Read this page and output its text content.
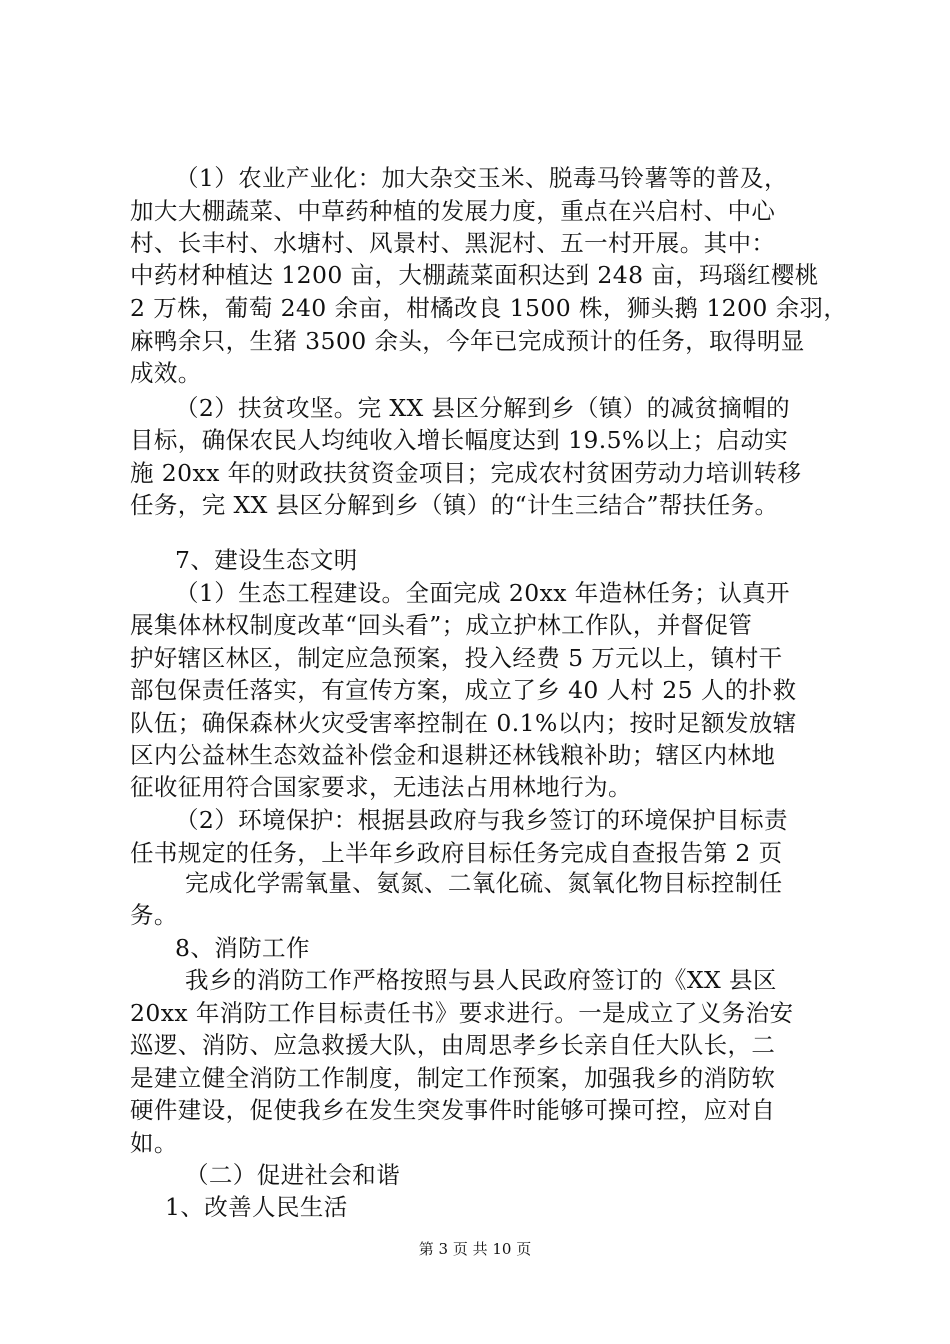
（1）农业产业化：加大杂交玉米、脱毒马铃薯等的普及，
加大大棚蔬菜、中草药种植的发展力度，重点在兴启村、中心
村、长丰村、水塘村、风景村、黑泥村、五一村开展。其中：
中药材种植达 1200 亩，大棚蔬菜面积达到 248 亩，玛瑙红樱桃
2 万株，葡萄 240 余亩，柑橘改良 1500 株，狮头鹅 1200 余羽，
麻鸭余只，生猪 3500 余头，今年已完成预计的任务，取得明显
成效。
（2）扶贫攻坚。完 XX 县区分解到乡（镇）的减贫摘帽的
目标，确保农民人均纯收入增长幅度达到 19.5%以上；启动实
施 20xx 年的财政扶贫资金项目；完成农村贫困劳动力培训转移
任务，完 XX 县区分解到乡（镇）的“计生三结合”帮扶任务。
7、建设生态文明
（1）生态工程建设。全面完成 20xx 年造林任务；认真开
展集体林权制度改革“回头看”；成立护林工作队，并督促管
护好辖区林区，制定应急预案，投入经费 5 万元以上，镇村干
部包保责任落实，有宣传方案，成立了乡 40 人村 25 人的扑救
队伍；确保森林火灾受害率控制在 0.1%以内；按时足额发放辖
区内公益林生态效益补偿金和退耕还林钱粮补助；辖区内林地
征收征用符合国家要求，无违法占用林地行为。
（2）环境保护：根据县政府与我乡签订的环境保护目标责
任书规定的任务，上半年乡政府目标任务完成自查报告第 2 页
完成化学需氧量、氨氮、二氧化硫、氮氧化物目标控制任
务。
8、消防工作
我乡的消防工作严格按照与县人民政府签订的《XX 县区
20xx 年消防工作目标责任书》要求进行。一是成立了义务治安
巡逻、消防、应急救援大队，由周思孝乡长亲自任大队长，二
是建立健全消防工作制度，制定工作预案，加强我乡的消防软
硬件建设，促使我乡在发生突发事件时能够可操可控，应对自
如。
（二）促进社会和谐
1、改善人民生活
第 3 页 共 10 页
